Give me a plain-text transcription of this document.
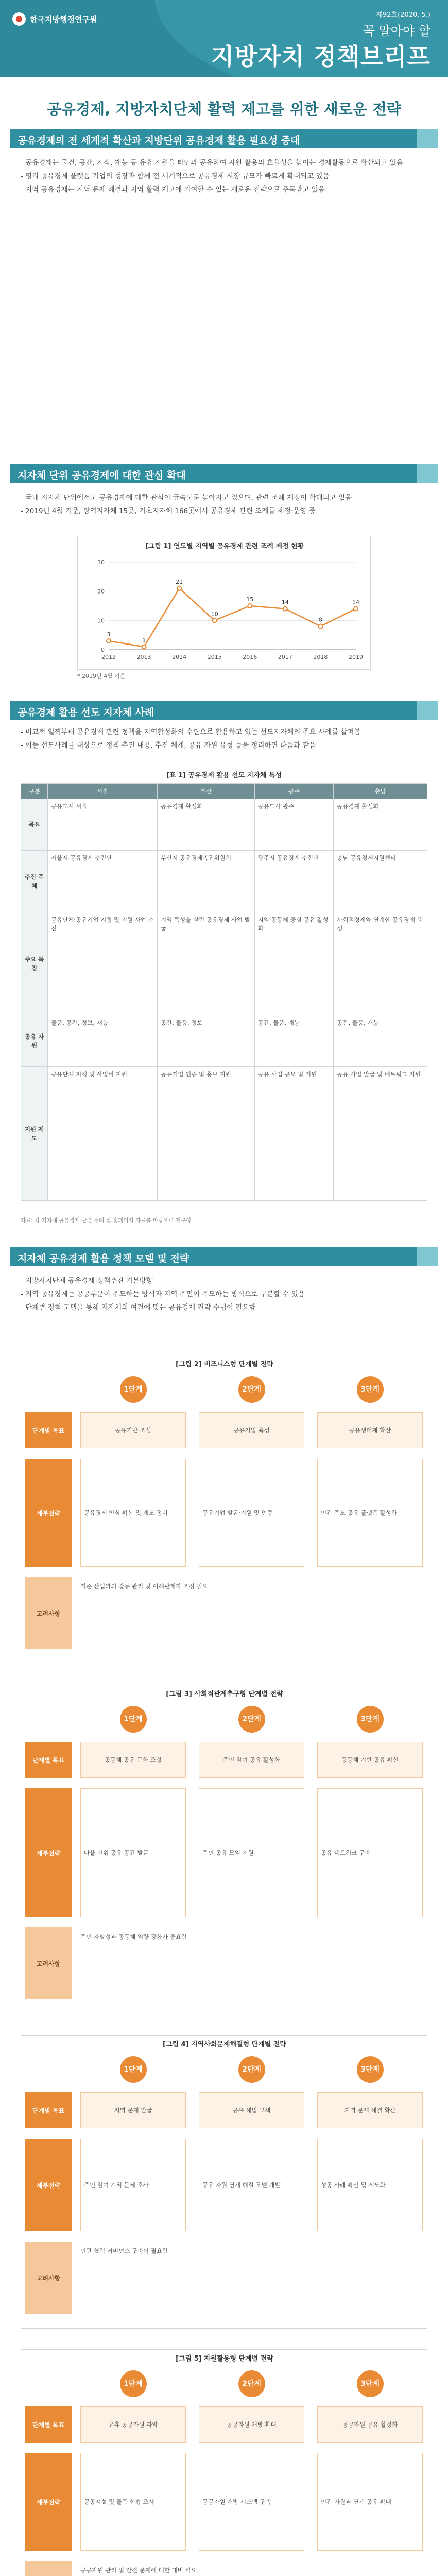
한국지방행정연구원	제92호(2020. 5.)
꼭 알아야 할
지방자치 정책브리프
공유경제, 지방자치단체 활력 제고를 위한 새로운 전략
공유경제의 전 세계적 확산과 지방단위 공유경제 활용 필요성 증대

- 공유경제는 물건, 공간, 지식, 재능 등 유휴 자원을 타인과 공유하여 자원 활용의 효율성을 높이는 경제활동으로 확산되고 있음

- 영리 공유경제 플랫폼 기업의 성장과 함께 전 세계적으로 공유경제 시장 규모가 빠르게 확대되고 있음

- 지역 공유경제는 지역 문제 해결과 지역 활력 제고에 기여할 수 있는 새로운 전략으로 주목받고 있음

지자체 단위 공유경제에 대한 관심 확대

- 국내 지자체 단위에서도 공유경제에 대한 관심이 급속도로 높아지고 있으며, 관련 조례 제정이 확대되고 있음

- 2019년 4월 기준, 광역지자체 15곳, 기초지자체 166곳에서 공유경제 관련 조례를 제정·운영 중

[그림 1] 연도별 지역별 공유경제 관련 조례 제정 현황
0
10
20
30
3
2012
1
2013
21
2014
10
2015
15
2016
14
2017
8
2018
14
2019
* 2019년 4월 기준
공유경제 활용 선도 지자체 사례

- 비교적 일찍부터 공유경제 관련 정책을 지역활성화의 수단으로 활용하고 있는 선도지자체의 주요 사례를 살펴봄

- 이들 선도사례를 대상으로 정책 추진 내용, 추진 체계, 공유 자원 유형 등을 정리하면 다음과 같음

[표 1] 공유경제 활용 선도 지자체 특성
구분	서울	부산	광주	충남
목표	공유도시 서울	공유경제 활성화	공유도시 광주	공유경제 활성화
추진 주체	서울시 공유경제 추진단	부산시 공유경제촉진위원회	광주시 공유경제 추진단	충남 공유경제지원센터
주요 특징	공유단체·공유기업 지정 및 지원 사업 추진	지역 특성을 살린 공유경제 사업 발굴	지역 공동체 중심 공유 활성화	사회적경제와 연계한 공유경제 육성
공유 자원	물품, 공간, 정보, 재능	공간, 물품, 정보	공간, 물품, 재능	공간, 물품, 재능
지원 제도	공유단체 지정 및 사업비 지원	공유기업 인증 및 홍보 지원	공유 사업 공모 및 지원	공유 사업 발굴 및 네트워크 지원
자료: 각 지자체 공유경제 관련 조례 및 홈페이지 자료를 바탕으로 재구성
지자체 공유경제 활용 정책 모델 및 전략

- 지방자치단체 공유경제 정책추진 기본방향

- 지역 공유경제는 공공부문이 주도하는 방식과 지역 주민이 주도하는 방식으로 구분할 수 있음

- 단계별 정책 모델을 통해 지자체의 여건에 맞는 공유경제 전략 수립이 필요함

[그림 2] 비즈니스형 단계별 전략
1단계	2단계	3단계
단계별 목표	공유기반 조성	공유기업 육성	공유생태계 확산
세부전략	공유경제 인식 확산 및 제도 정비	공유기업 발굴·지원 및 인증	민간 주도 공유 플랫폼 활성화
고려사항
기존 산업과의 갈등 관리 및 이해관계자 조정 필요
[그림 3] 사회적관계추구형 단계별 전략
1단계	2단계	3단계
단계별 목표	공동체 공유 문화 조성	주민 참여 공유 활성화	공동체 기반 공유 확산
세부전략	마을 단위 공유 공간 발굴	주민 공유 모임 지원	공유 네트워크 구축
고려사항
주민 자발성과 공동체 역량 강화가 중요함
[그림 4] 지역사회문제해결형 단계별 전략
1단계	2단계	3단계
단계별 목표	지역 문제 발굴	공유 해법 모색	지역 문제 해결 확산
세부전략	주민 참여 지역 문제 조사	공유 자원 연계 해결 모델 개발	성공 사례 확산 및 제도화
고려사항
민관 협력 거버넌스 구축이 필요함
[그림 5] 자원활용형 단계별 전략
1단계	2단계	3단계
단계별 목표	유휴 공공자원 파악	공공자원 개방 확대	공공자원 공유 활성화
세부전략	공공시설 및 물품 현황 조사	공공자원 개방 시스템 구축	민간 자원과 연계 공유 확대
공공자원 관리 및 안전 문제에 대한 대비 필요
